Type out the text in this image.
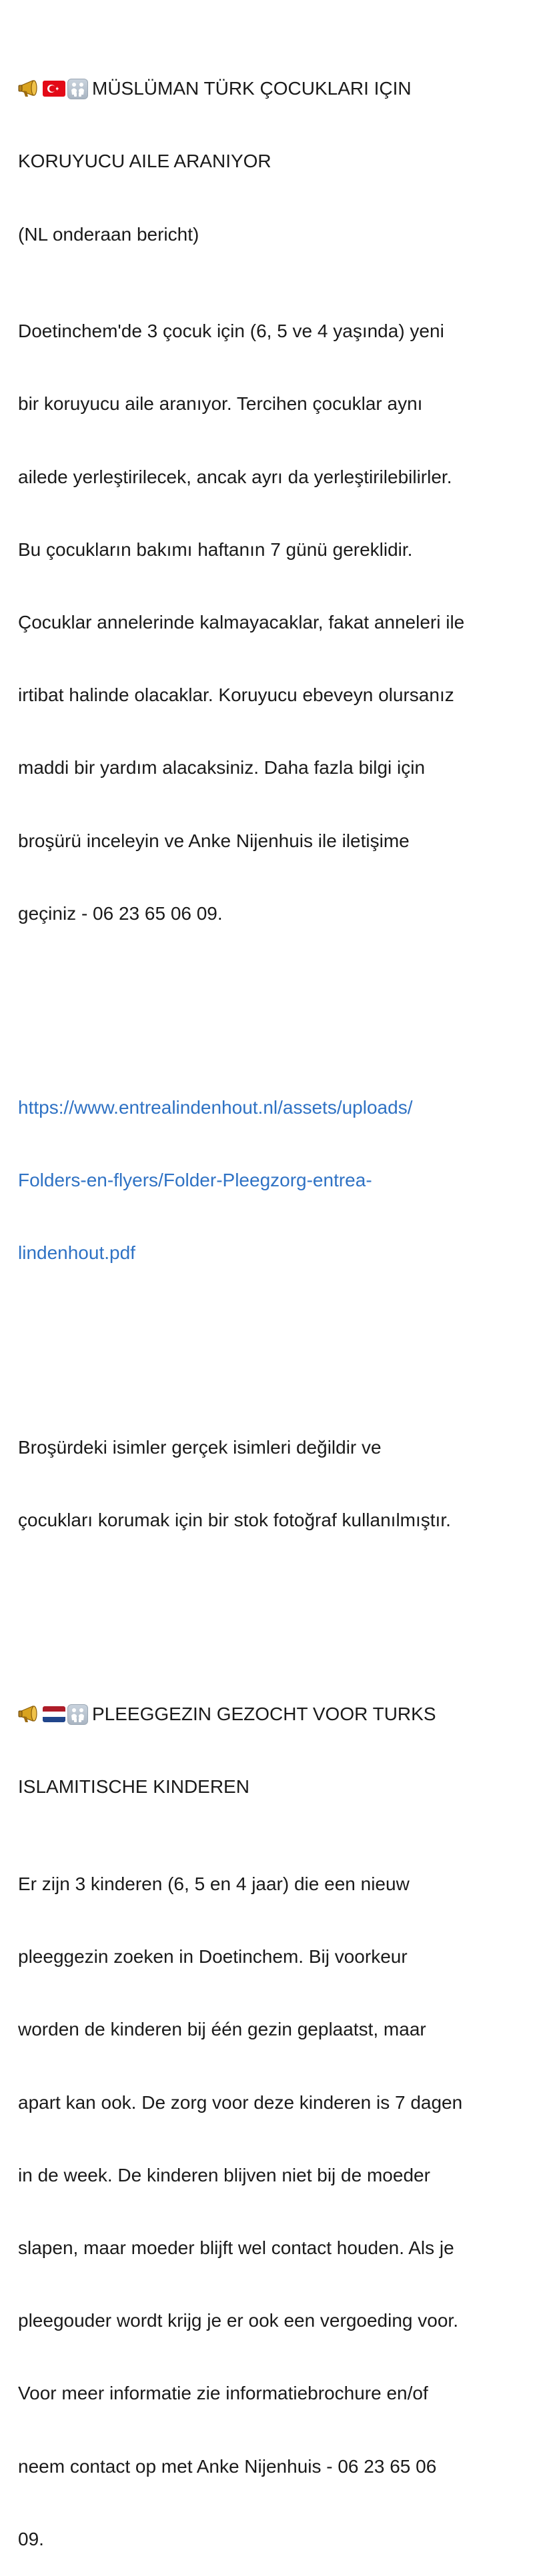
MÜSLÜMAN TÜRK ÇOCUKLARI IÇIN

KORUYUCU AILE ARANIYOR

(NL onderaan bericht)

Doetinchem'de 3 çocuk için (6, 5 ve 4 yaşında) yeni

bir koruyucu aile aranıyor. Tercihen çocuklar aynı

ailede yerleştirilecek, ancak ayrı da yerleştirilebilirler.

Bu çocukların bakımı haftanın 7 günü gereklidir.

Çocuklar annelerinde kalmayacaklar, fakat anneleri ile

irtibat halinde olacaklar. Koruyucu ebeveyn olursanız

maddi bir yardım alacaksiniz. Daha fazla bilgi için

broşürü inceleyin ve Anke Nijenhuis ile iletişime

geçiniz - 06 23 65 06 09.

https://www.entrealindenhout.nl/assets/uploads/

Folders-en-flyers/Folder-Pleegzorg-entrea-

lindenhout.pdf

Broşürdeki isimler gerçek isimleri değildir ve

çocukları korumak için bir stok fotoğraf kullanılmıştır.

PLEEGGEZIN GEZOCHT VOOR TURKS

ISLAMITISCHE KINDEREN

Er zijn 3 kinderen (6, 5 en 4 jaar) die een nieuw

pleeggezin zoeken in Doetinchem. Bij voorkeur

worden de kinderen bij één gezin geplaatst, maar

apart kan ook. De zorg voor deze kinderen is 7 dagen

in de week. De kinderen blijven niet bij de moeder

slapen, maar moeder blijft wel contact houden. Als je

pleegouder wordt krijg je er ook een vergoeding voor.

Voor meer informatie zie informatiebrochure en/of

neem contact op met Anke Nijenhuis - 06 23 65 06

09.
